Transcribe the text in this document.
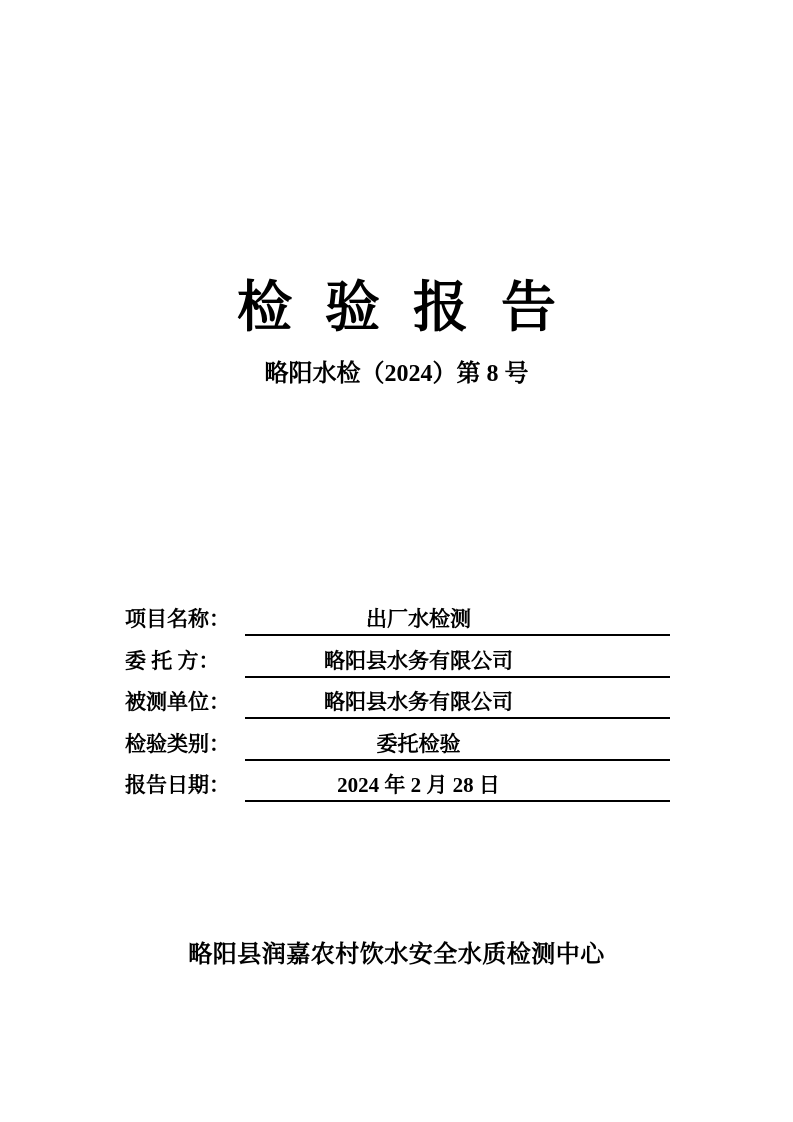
检验报告
略阳水检（2024）第 8 号
项目名称：	出厂水检测
委 托 方：	略阳县水务有限公司
被测单位：	略阳县水务有限公司
检验类别：	委托检验
报告日期：	2024 年 2 月 28 日
略阳县润嘉农村饮水安全水质检测中心
